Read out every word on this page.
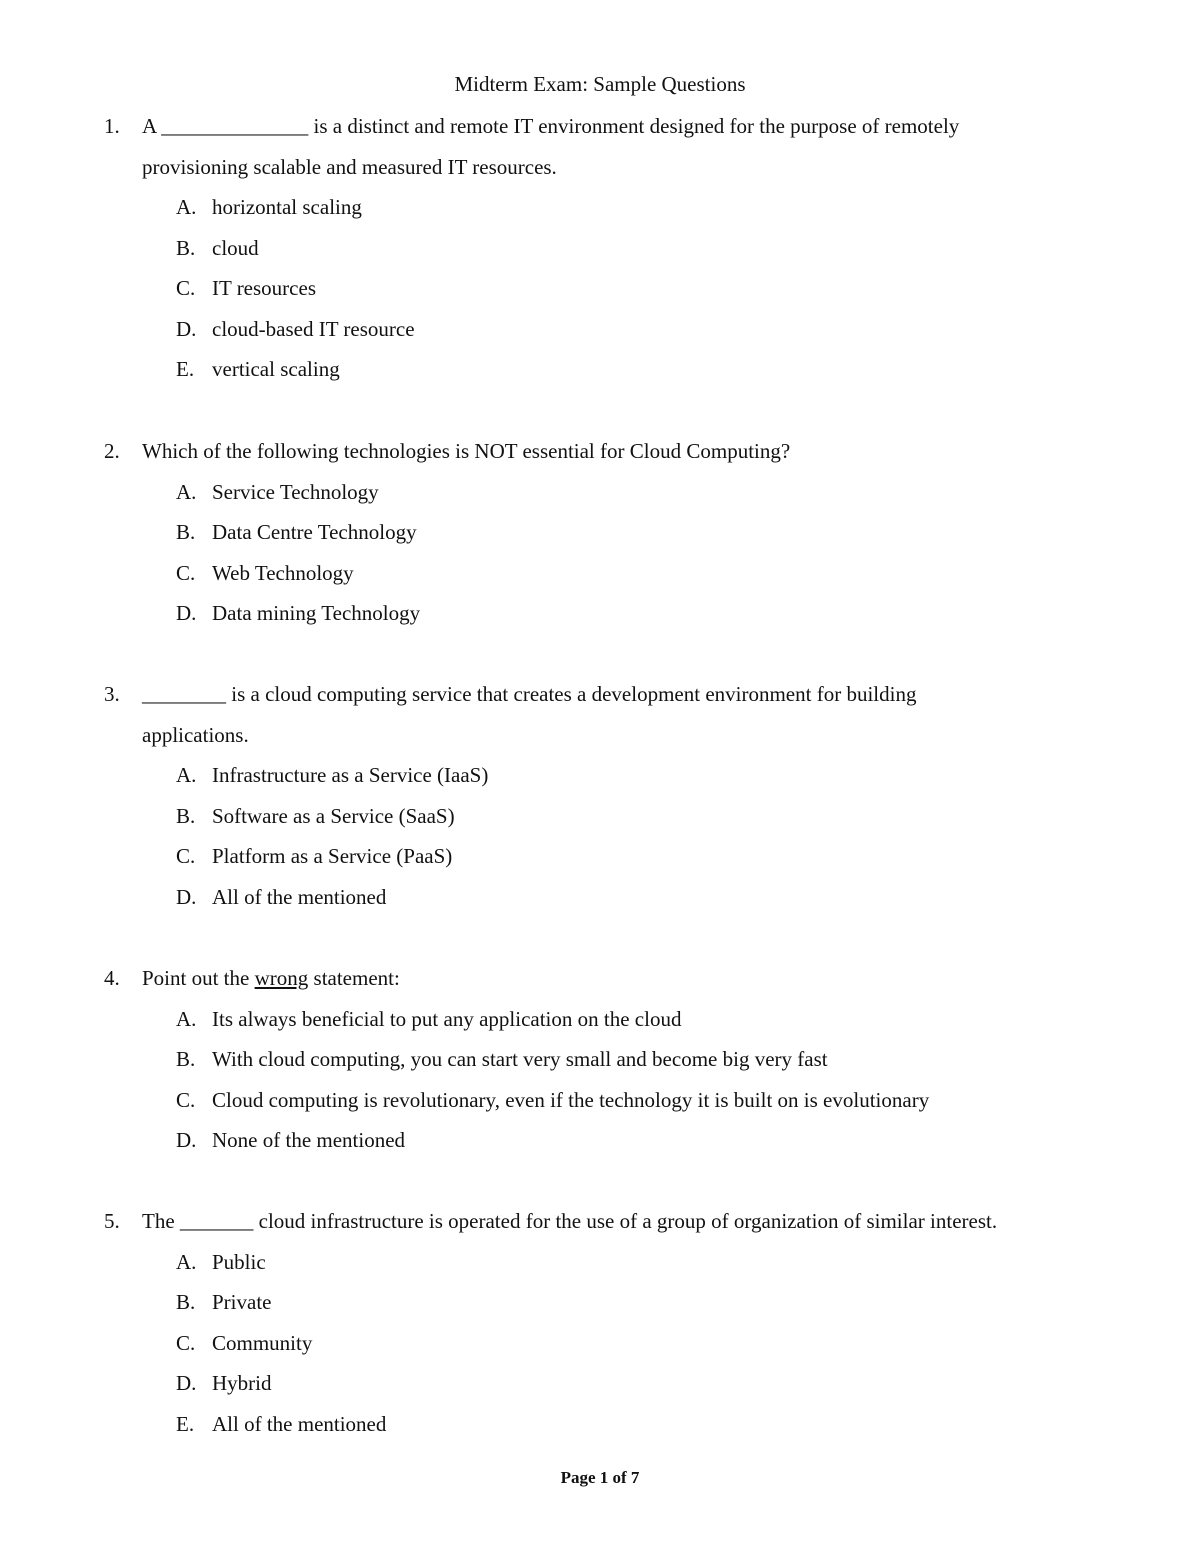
Midterm Exam: Sample Questions
1. A ______________ is a distinct and remote IT environment designed for the purpose of remotely
provisioning scalable and measured IT resources.
A. horizontal scaling
B. cloud
C. IT resources
D. cloud-based IT resource
E. vertical scaling
2. Which of the following technologies is NOT essential for Cloud Computing?
A. Service Technology
B. Data Centre Technology
C. Web Technology
D. Data mining Technology
3. ________ is a cloud computing service that creates a development environment for building
applications.
A. Infrastructure as a Service (IaaS)
B. Software as a Service (SaaS)
C. Platform as a Service (PaaS)
D. All of the mentioned
4. Point out the wrong statement:
A. Its always beneficial to put any application on the cloud
B. With cloud computing, you can start very small and become big very fast
C. Cloud computing is revolutionary, even if the technology it is built on is evolutionary
D. None of the mentioned
5. The _______ cloud infrastructure is operated for the use of a group of organization of similar interest.
A. Public
B. Private
C. Community
D. Hybrid
E. All of the mentioned
Page 1 of 7
